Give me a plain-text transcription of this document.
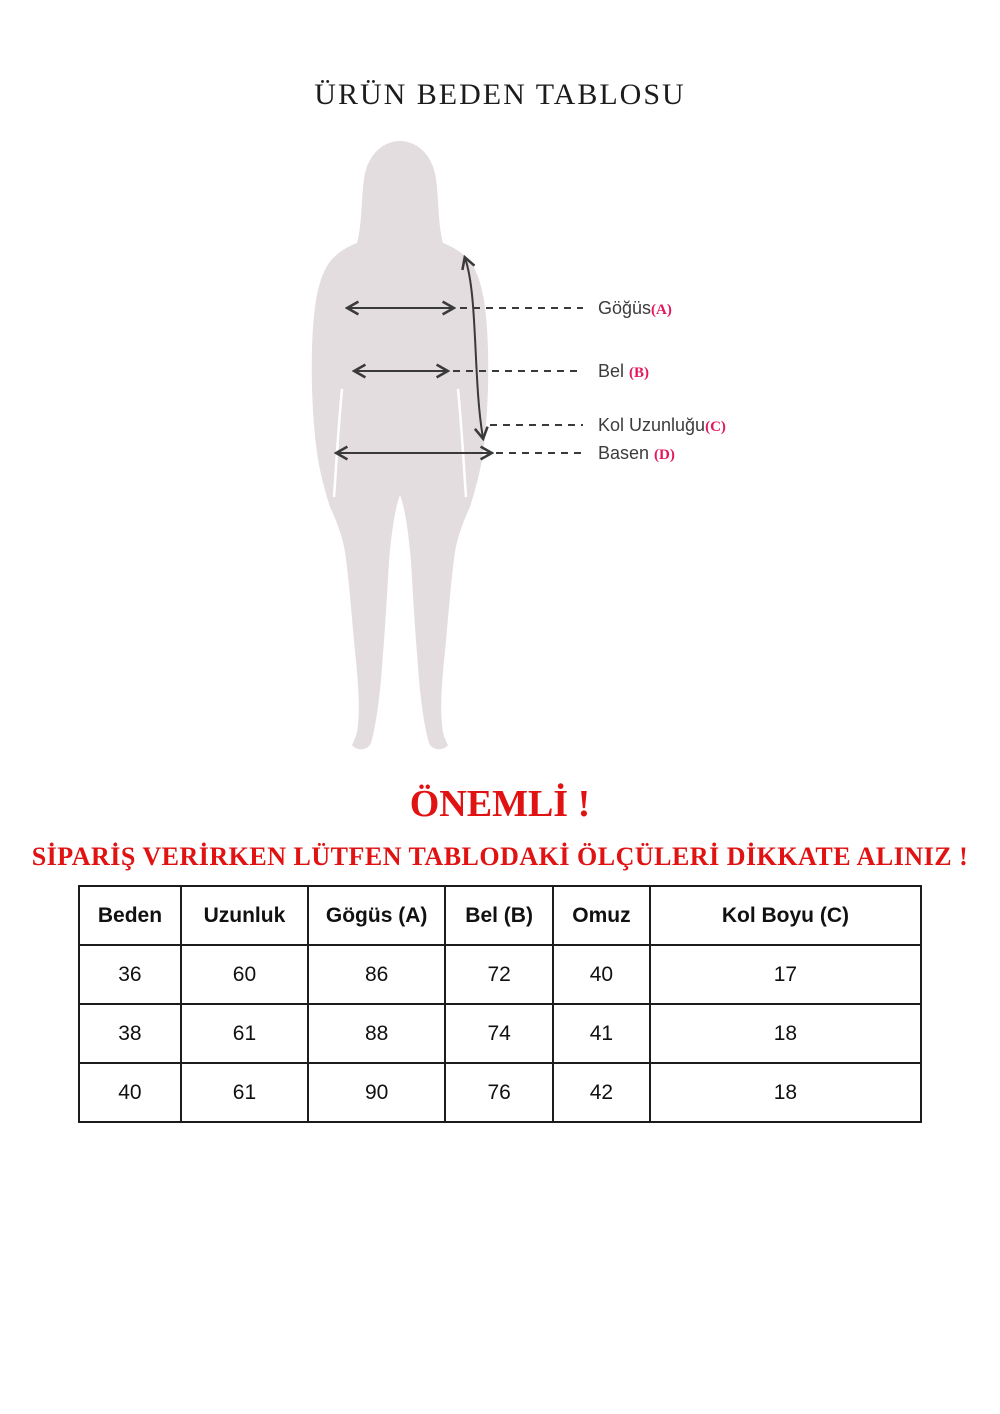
ÜRÜN BEDEN TABLOSU
Göğüs(A)
Bel (B)
Kol Uzunluğu(C)
Basen (D)
ÖNEMLİ !
SİPARİŞ VERİRKEN LÜTFEN TABLODAKİ ÖLÇÜLERİ DİKKATE ALINIZ !
Beden	Uzunluk	Gögüs (A)	Bel (B)	Omuz	Kol Boyu (C)
36	60	86	72	40	17
38	61	88	74	41	18
40	61	90	76	42	18
